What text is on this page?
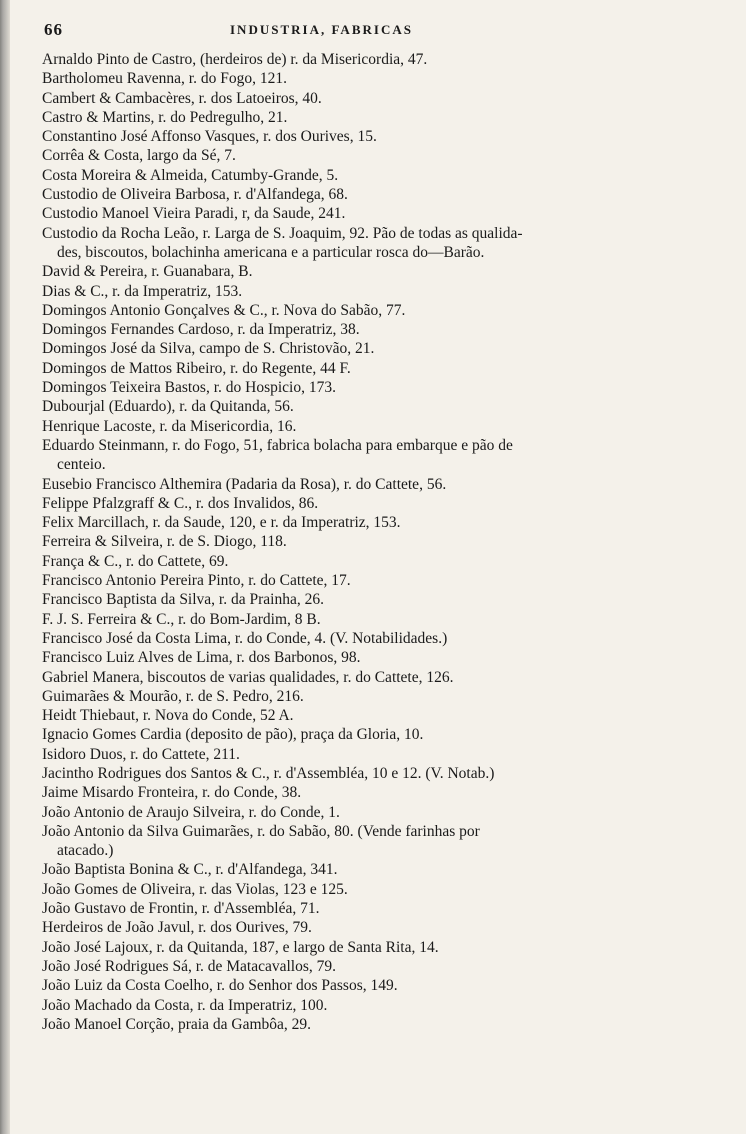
66	INDUSTRIA, FABRICAS
Arnaldo Pinto de Castro, (herdeiros de) r. da Misericordia, 47.
Bartholomeu Ravenna, r. do Fogo, 121.
Cambert & Cambacères, r. dos Latoeiros, 40.
Castro & Martins, r. do Pedregulho, 21.
Constantino José Affonso Vasques, r. dos Ourives, 15.
Corrêa & Costa, largo da Sé, 7.
Costa Moreira & Almeida, Catumby-Grande, 5.
Custodio de Oliveira Barbosa, r. d'Alfandega, 68.
Custodio Manoel Vieira Paradi, r, da Saude, 241.
Custodio da Rocha Leão, r. Larga de S. Joaquim, 92. Pão de todas as qualida-
des, biscoutos, bolachinha americana e a particular rosca do—Barão.
David & Pereira, r. Guanabara, B.
Dias & C., r. da Imperatriz, 153.
Domingos Antonio Gonçalves & C., r. Nova do Sabão, 77.
Domingos Fernandes Cardoso, r. da Imperatriz, 38.
Domingos José da Silva, campo de S. Christovão, 21.
Domingos de Mattos Ribeiro, r. do Regente, 44 F.
Domingos Teixeira Bastos, r. do Hospicio, 173.
Dubourjal (Eduardo), r. da Quitanda, 56.
Henrique Lacoste, r. da Misericordia, 16.
Eduardo Steinmann, r. do Fogo, 51, fabrica bolacha para embarque e pão de
centeio.
Eusebio Francisco Althemira (Padaria da Rosa), r. do Cattete, 56.
Felippe Pfalzgraff & C., r. dos Invalidos, 86.
Felix Marcillach, r. da Saude, 120, e r. da Imperatriz, 153.
Ferreira & Silveira, r. de S. Diogo, 118.
França & C., r. do Cattete, 69.
Francisco Antonio Pereira Pinto, r. do Cattete, 17.
Francisco Baptista da Silva, r. da Prainha, 26.
F. J. S. Ferreira & C., r. do Bom-Jardim, 8 B.
Francisco José da Costa Lima, r. do Conde, 4. (V. Notabilidades.)
Francisco Luiz Alves de Lima, r. dos Barbonos, 98.
Gabriel Manera, biscoutos de varias qualidades, r. do Cattete, 126.
Guimarães & Mourão, r. de S. Pedro, 216.
Heidt Thiebaut, r. Nova do Conde, 52 A.
Ignacio Gomes Cardia (deposito de pão), praça da Gloria, 10.
Isidoro Duos, r. do Cattete, 211.
Jacintho Rodrigues dos Santos & C., r. d'Assembléa, 10 e 12. (V. Notab.)
Jaime Misardo Fronteira, r. do Conde, 38.
João Antonio de Araujo Silveira, r. do Conde, 1.
João Antonio da Silva Guimarães, r. do Sabão, 80. (Vende farinhas por
atacado.)
João Baptista Bonina & C., r. d'Alfandega, 341.
João Gomes de Oliveira, r. das Violas, 123 e 125.
João Gustavo de Frontin, r. d'Assembléa, 71.
Herdeiros de João Javul, r. dos Ourives, 79.
João José Lajoux, r. da Quitanda, 187, e largo de Santa Rita, 14.
João José Rodrigues Sá, r. de Matacavallos, 79.
João Luiz da Costa Coelho, r. do Senhor dos Passos, 149.
João Machado da Costa, r. da Imperatriz, 100.
João Manoel Corção, praia da Gambôa, 29.
